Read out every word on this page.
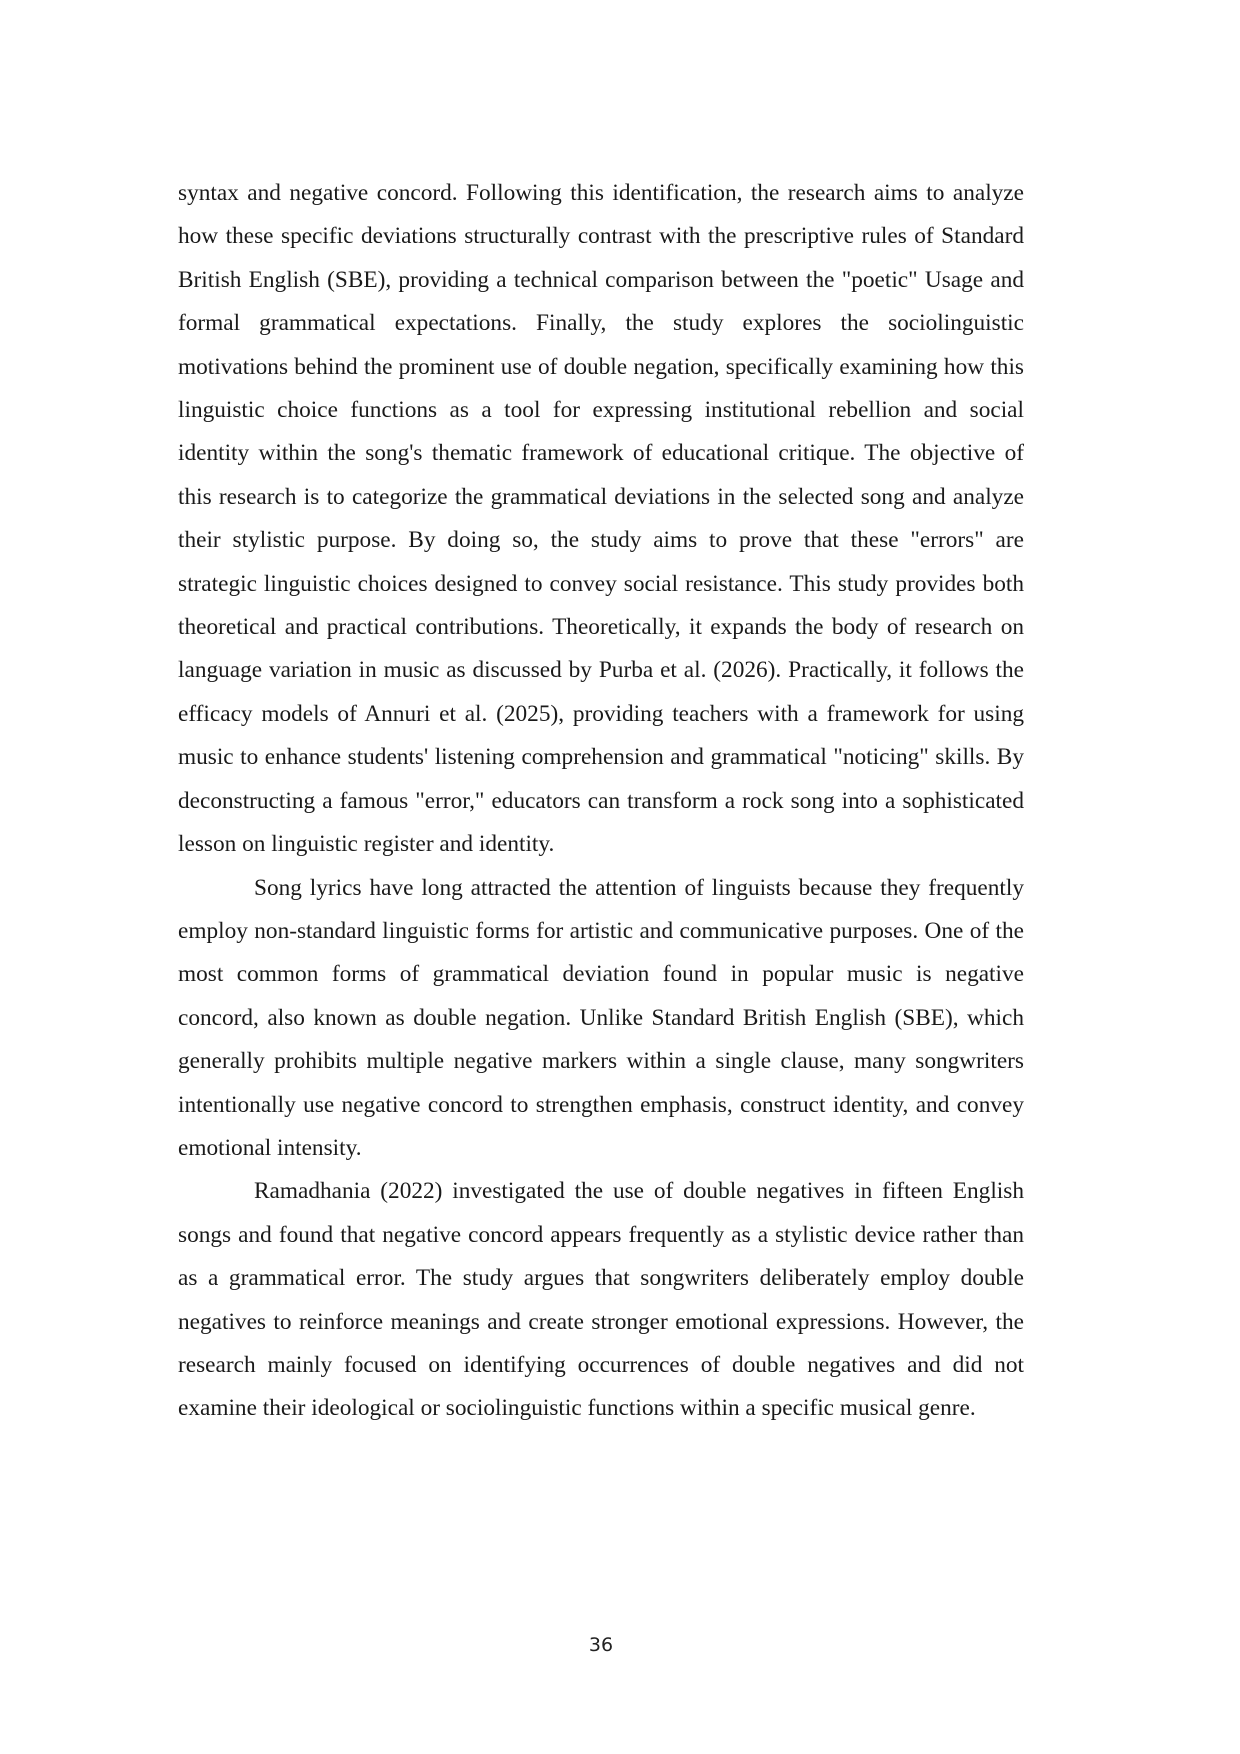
syntax and negative concord. Following this identification, the research aims to analyze how these specific deviations structurally contrast with the prescriptive rules of Standard British English (SBE), providing a technical comparison between the "poetic" Usage and formal grammatical expectations. Finally, the study explores the sociolinguistic motivations behind the prominent use of double negation, specifically examining how this linguistic choice functions as a tool for expressing institutional rebellion and social identity within the song's thematic framework of educational critique. The objective of this research is to categorize the grammatical deviations in the selected song and analyze their stylistic purpose. By doing so, the study aims to prove that these "errors" are strategic linguistic choices designed to convey social resistance. This study provides both theoretical and practical contributions. Theoretically, it expands the body of research on language variation in music as discussed by Purba et al. (2026). Practically, it follows the efficacy models of Annuri et al. (2025), providing teachers with a framework for using music to enhance students' listening comprehension and grammatical "noticing" skills. By deconstructing a famous "error," educators can transform a rock song into a sophisticated lesson on linguistic register and identity.

Song lyrics have long attracted the attention of linguists because they frequently employ non-standard linguistic forms for artistic and communicative purposes. One of the most common forms of grammatical deviation found in popular music is negative concord, also known as double negation. Unlike Standard British English (SBE), which generally prohibits multiple negative markers within a single clause, many songwriters intentionally use negative concord to strengthen emphasis, construct identity, and convey emotional intensity.

Ramadhania (2022) investigated the use of double negatives in fifteen English songs and found that negative concord appears frequently as a stylistic device rather than as a grammatical error. The study argues that songwriters deliberately employ double negatives to reinforce meanings and create stronger emotional expressions. However, the research mainly focused on identifying occurrences of double negatives and did not examine their ideological or sociolinguistic functions within a specific musical genre.

36
